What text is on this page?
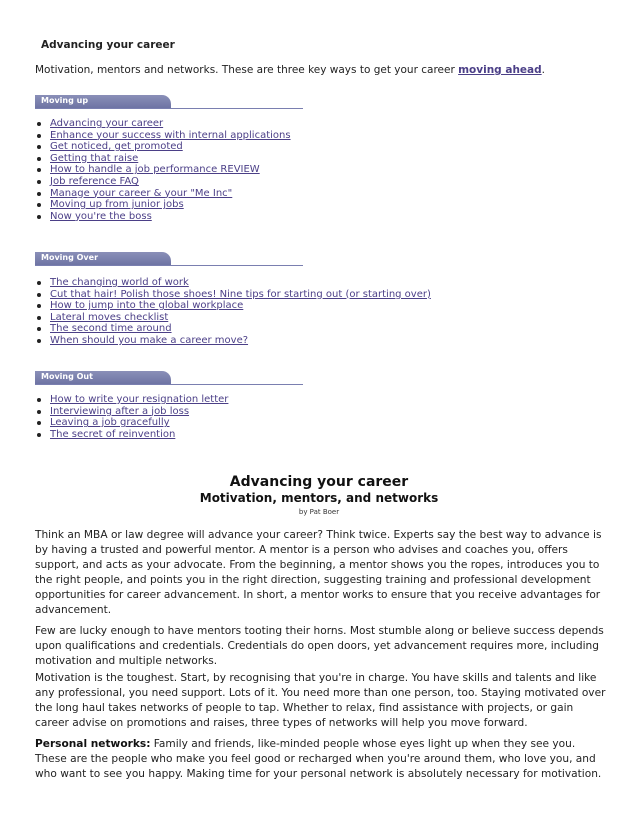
Advancing your career
Motivation, mentors and networks. These are three key ways to get your career moving ahead.
Moving up
Advancing your career
Enhance your success with internal applications
Get noticed, get promoted
Getting that raise
How to handle a job performance REVIEW
Job reference FAQ
Manage your career & your "Me Inc"
Moving up from junior jobs
Now you're the boss
Moving Over
The changing world of work
Cut that hair! Polish those shoes! Nine tips for starting out (or starting over)
How to jump into the global workplace
Lateral moves checklist
The second time around
When should you make a career move?
Moving Out
How to write your resignation letter
Interviewing after a job loss
Leaving a job gracefully
The secret of reinvention
Advancing your career
Motivation, mentors, and networks
by Pat Boer

Think an MBA or law degree will advance your career? Think twice. Experts say the best way to advance is by having a trusted and powerful mentor. A mentor is a person who advises and coaches you, offers support, and acts as your advocate. From the beginning, a mentor shows you the ropes, introduces you to the right people, and points you in the right direction, suggesting training and professional development opportunities for career advancement. In short, a mentor works to ensure that you receive advantages for advancement.

Few are lucky enough to have mentors tooting their horns. Most stumble along or believe success depends upon qualifications and credentials. Credentials do open doors, yet advancement requires more, including motivation and multiple networks.

Motivation is the toughest. Start, by recognising that you're in charge. You have skills and talents and like any professional, you need support. Lots of it. You need more than one person, too. Staying motivated over the long haul takes networks of people to tap. Whether to relax, find assistance with projects, or gain career advise on promotions and raises, three types of networks will help you move forward.

Personal networks: Family and friends, like-minded people whose eyes light up when they see you. These are the people who make you feel good or recharged when you're around them, who love you, and who want to see you happy. Making time for your personal network is absolutely necessary for motivation.
